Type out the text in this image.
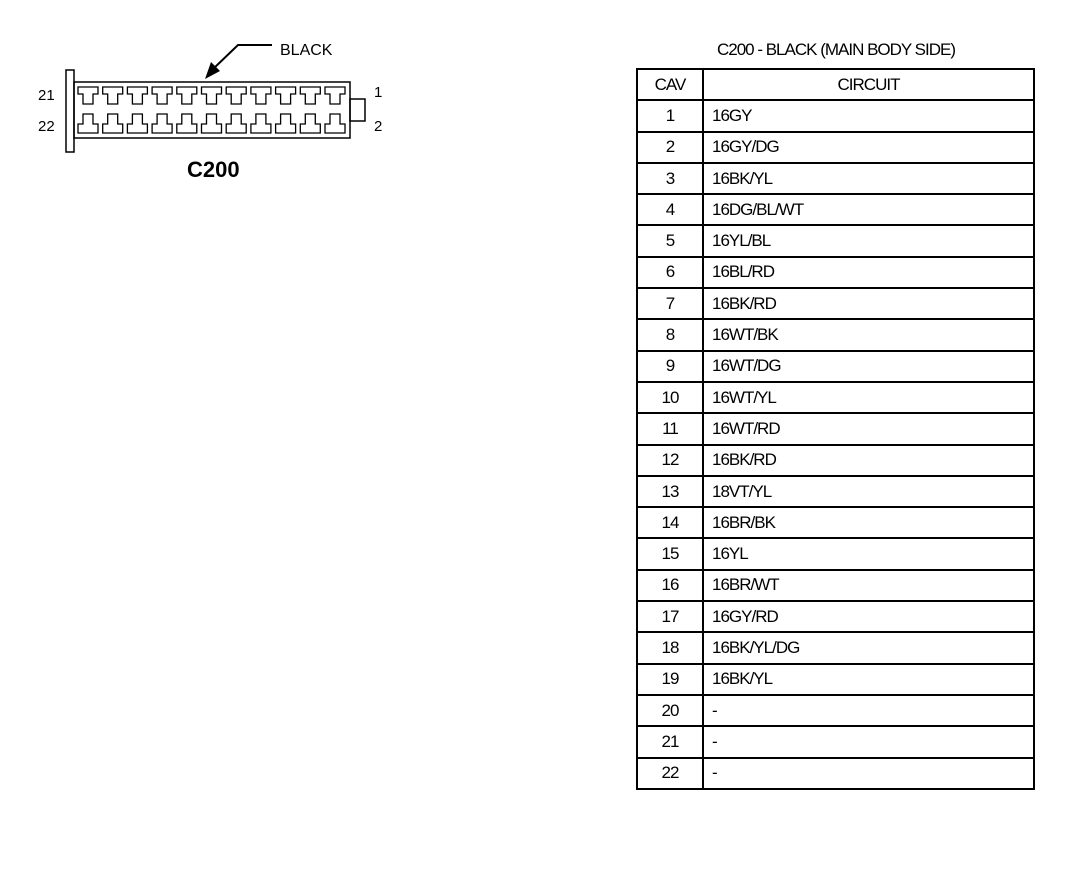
BLACK
21
22
1
2
C200
C200 - BLACK (MAIN BODY SIDE)
CAV	CIRCUIT
1	16GY
2	16GY/DG
3	16BK/YL
4	16DG/BL/WT
5	16YL/BL
6	16BL/RD
7	16BK/RD
8	16WT/BK
9	16WT/DG
10	16WT/YL
11	16WT/RD
12	16BK/RD
13	18VT/YL
14	16BR/BK
15	16YL
16	16BR/WT
17	16GY/RD
18	16BK/YL/DG
19	16BK/YL
20	-
21	-
22	-
